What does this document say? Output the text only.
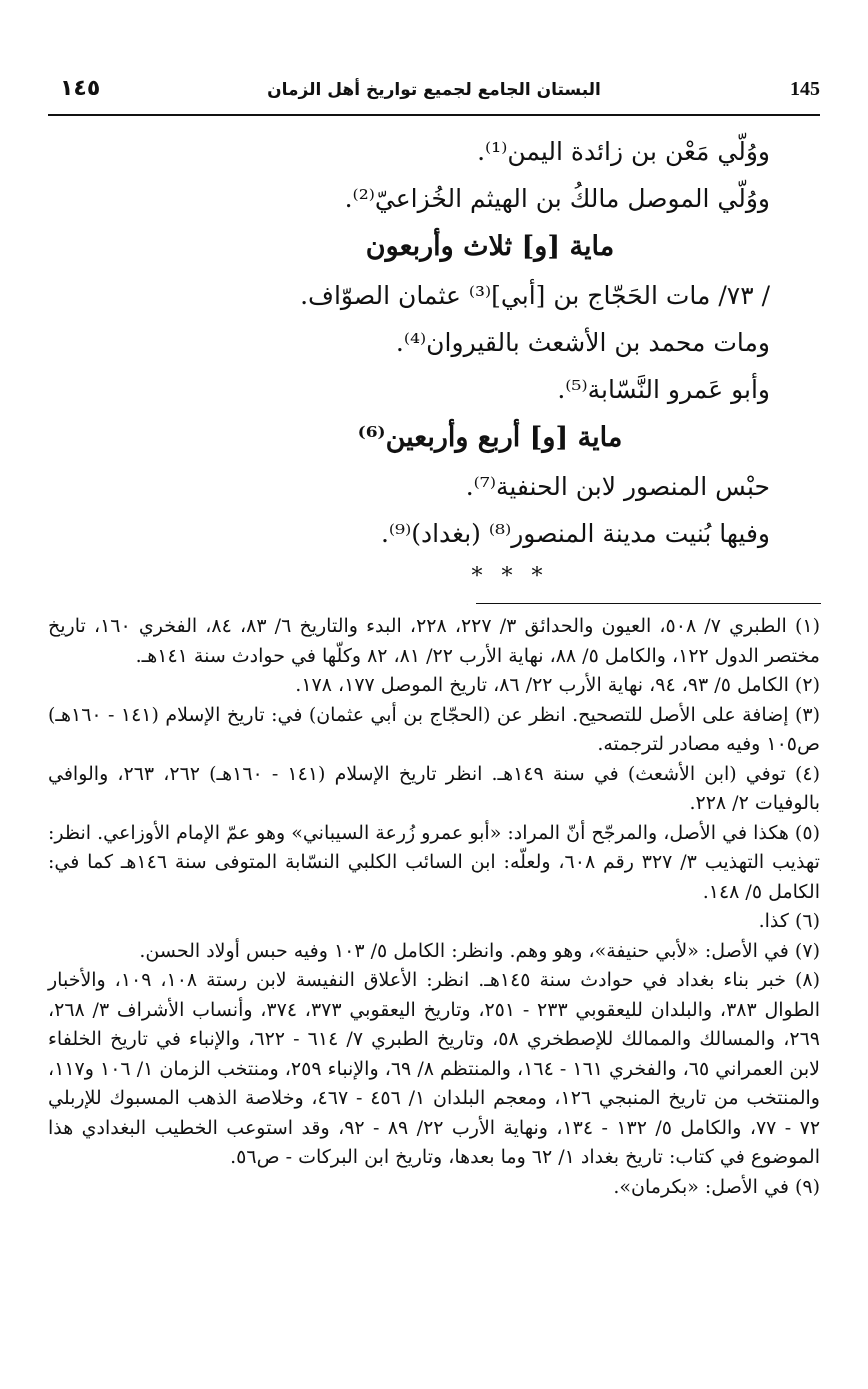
١٤٥	البستان الجامع لجميع تواريخ أهل الزمان	145
ووُلّي مَعْن بن زائدة اليمن⁽¹⁾.
ووُلّي الموصل مالكُ بن الهيثم الخُزاعيّ⁽²⁾.
ماية [و] ثلاث وأربعون
/ ٧٣/ مات الحَجّاج بن [أبي]⁽³⁾ عثمان الصوّاف.
ومات محمد بن الأشعث بالقيروان⁽⁴⁾.
وأبو عَمرو النَّسّابة⁽⁵⁾.
ماية [و] أربع وأربعين⁽⁶⁾
حبْس المنصور لابن الحنفية⁽⁷⁾.
وفيها بُنيت مدينة المنصور⁽⁸⁾ (بغداد)⁽⁹⁾.
* * *
(١) الطبري ٧/ ٥٠٨، العيون والحدائق ٣/ ٢٢٧، ٢٢٨، البدء والتاريخ ٦/ ٨٣، ٨٤، الفخري ١٦٠، تاريخ مختصر الدول ١٢٢، والكامل ٥/ ٨٨، نهاية الأرب ٢٢/ ٨١، ٨٢ وكلّها في حوادث سنة ١٤١هـ.
(٢) الكامل ٥/ ٩٣، ٩٤، نهاية الأرب ٢٢/ ٨٦، تاريخ الموصل ١٧٧، ١٧٨.
(٣) إضافة على الأصل للتصحيح. انظر عن (الحجّاج بن أبي عثمان) في: تاريخ الإسلام (١٤١ - ١٦٠هـ) ص١٠٥ وفيه مصادر لترجمته.
(٤) توفي (ابن الأشعث) في سنة ١٤٩هـ. انظر تاريخ الإسلام (١٤١ - ١٦٠هـ) ٢٦٢، ٢٦٣، والوافي بالوفيات ٢/ ٢٢٨.
(٥) هكذا في الأصل، والمرجّح أنّ المراد: «أبو عمرو زُرعة السيباني» وهو عمّ الإمام الأوزاعي. انظر: تهذيب التهذيب ٣/ ٣٢٧ رقم ٦٠٨، ولعلّه: ابن السائب الكلبي النسّابة المتوفى سنة ١٤٦هـ كما في: الكامل ٥/ ١٤٨.
(٦) كذا.
(٧) في الأصل: «لأبي حنيفة»، وهو وهم. وانظر: الكامل ٥/ ١٠٣ وفيه حبس أولاد الحسن.
(٨) خبر بناء بغداد في حوادث سنة ١٤٥هـ. انظر: الأعلاق النفيسة لابن رستة ١٠٨، ١٠٩، والأخبار الطوال ٣٨٣، والبلدان لليعقوبي ٢٣٣ - ٢٥١، وتاريخ اليعقوبي ٣٧٣، ٣٧٤، وأنساب الأشراف ٣/ ٢٦٨، ٢٦٩، والمسالك والممالك للإصطخري ٥٨، وتاريخ الطبري ٧/ ٦١٤ - ٦٢٢، والإنباء في تاريخ الخلفاء لابن العمراني ٦٥، والفخري ١٦١ - ١٦٤، والمنتظم ٨/ ٦٩، والإنباء ٢٥٩، ومنتخب الزمان ١/ ١٠٦ و١١٧، والمنتخب من تاريخ المنبجي ١٢٦، ومعجم البلدان ١/ ٤٥٦ - ٤٦٧، وخلاصة الذهب المسبوك للإربلي ٧٢ - ٧٧، والكامل ٥/ ١٣٢ - ١٣٤، ونهاية الأرب ٢٢/ ٨٩ - ٩٢، وقد استوعب الخطيب البغدادي هذا الموضوع في كتاب: تاريخ بغداد ١/ ٦٢ وما بعدها، وتاريخ ابن البركات - ص٥٦.
(٩) في الأصل: «بكرمان».
